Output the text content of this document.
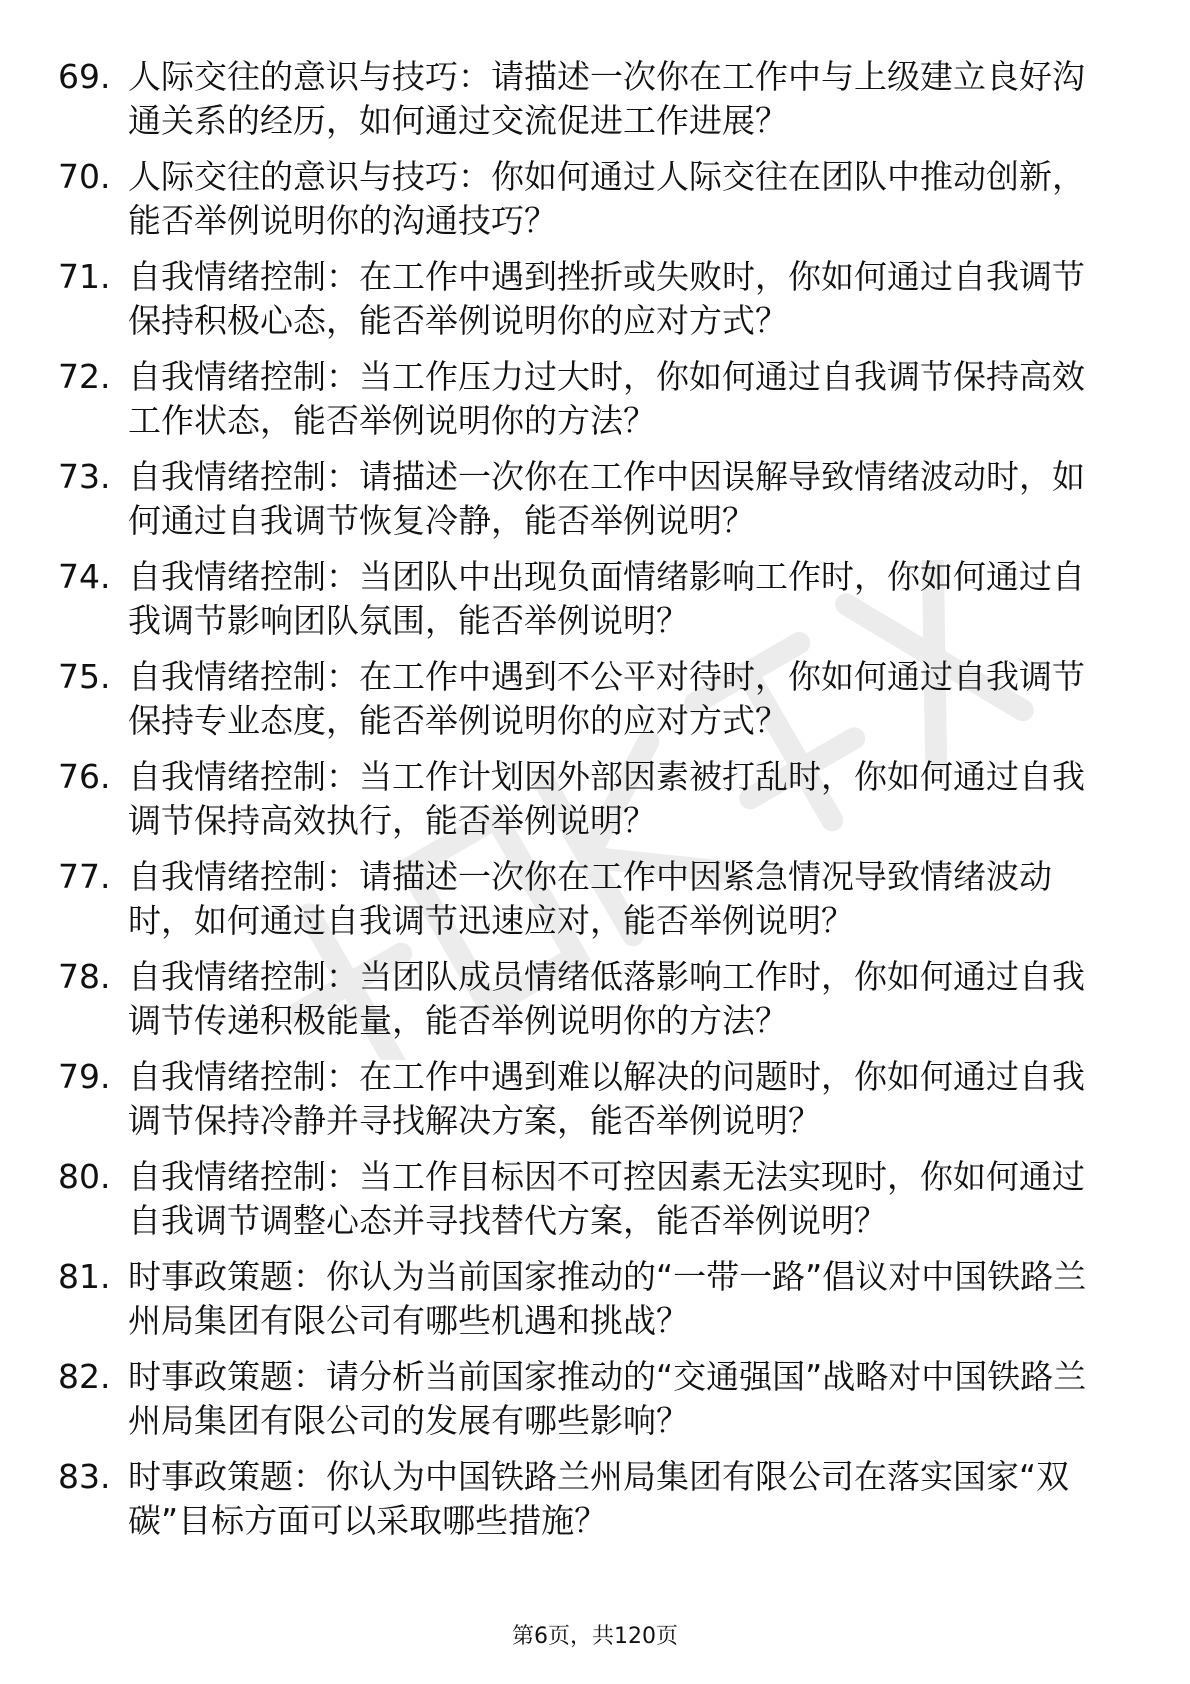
69. 人际交往的意识与技巧：请描述一次你在工作中与上级建立良好沟通关系的经历，如何通过交流促进工作进展？
70. 人际交往的意识与技巧：你如何通过人际交往在团队中推动创新，能否举例说明你的沟通技巧？
71. 自我情绪控制：在工作中遇到挫折或失败时，你如何通过自我调节保持积极心态，能否举例说明你的应对方式？
72. 自我情绪控制：当工作压力过大时，你如何通过自我调节保持高效工作状态，能否举例说明你的方法？
73. 自我情绪控制：请描述一次你在工作中因误解导致情绪波动时，如何通过自我调节恢复冷静，能否举例说明？
74. 自我情绪控制：当团队中出现负面情绪影响工作时，你如何通过自我调节影响团队氛围，能否举例说明？
75. 自我情绪控制：在工作中遇到不公平对待时，你如何通过自我调节保持专业态度，能否举例说明你的应对方式？
76. 自我情绪控制：当工作计划因外部因素被打乱时，你如何通过自我调节保持高效执行，能否举例说明？
77. 自我情绪控制：请描述一次你在工作中因紧急情况导致情绪波动时，如何通过自我调节迅速应对，能否举例说明？
78. 自我情绪控制：当团队成员情绪低落影响工作时，你如何通过自我调节传递积极能量，能否举例说明你的方法？
79. 自我情绪控制：在工作中遇到难以解决的问题时，你如何通过自我调节保持冷静并寻找解决方案，能否举例说明？
80. 自我情绪控制：当工作目标因不可控因素无法实现时，你如何通过自我调节调整心态并寻找替代方案，能否举例说明？
81. 时事政策题：你认为当前国家推动的“一带一路”倡议对中国铁路兰州局集团有限公司有哪些机遇和挑战？
82. 时事政策题：请分析当前国家推动的“交通强国”战略对中国铁路兰州局集团有限公司的发展有哪些影响？
83. 时事政策题：你认为中国铁路兰州局集团有限公司在落实国家“双碳”目标方面可以采取哪些措施？
第6页，共120页
